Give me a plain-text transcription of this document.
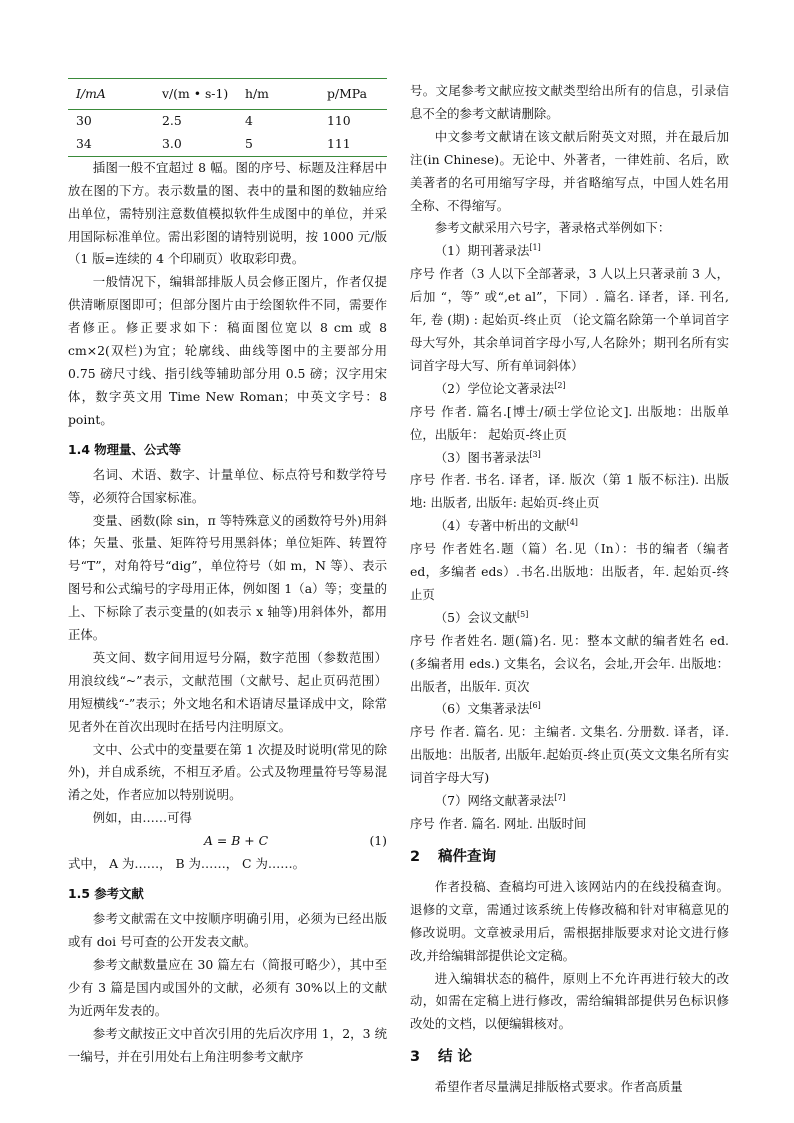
I/mA	v/(m • s-1)	h/m	p/MPa
30	2.5	4	110
34	3.0	5	111

插图一般不宜超过 8 幅。图的序号、标题及注释居中放在图的下方。表示数量的图、表中的量和图的数轴应给出单位，需特别注意数值模拟软件生成图中的单位，并采用国际标准单位。需出彩图的请特别说明，按 1000 元/版（1 版=连续的 4 个印刷页）收取彩印费。

一般情况下，编辑部排版人员会修正图片，作者仅提供清晰原图即可；但部分图片由于绘图软件不同，需要作者修正。修正要求如下：稿面图位宽以 8 cm 或 8 cm×2(双栏)为宜；轮廓线、曲线等图中的主要部分用 0.75 磅尺寸线、指引线等辅助部分用 0.5 磅；汉字用宋体，数字英文用 Time New Roman；中英文字号：8 point。

1.4 物理量、公式等

名词、术语、数字、计量单位、标点符号和数学符号等，必须符合国家标准。

变量、函数(除 sin，π 等特殊意义的函数符号外)用斜体；矢量、张量、矩阵符号用黑斜体；单位矩阵、转置符号“T”，对角符号“dig”，单位符号（如 m，N 等）、表示图号和公式编号的字母用正体，例如图 1（a）等；变量的上、下标除了表示变量的(如表示 x 轴等)用斜体外，都用正体。

英文间、数字间用逗号分隔，数字范围（参数范围）用浪纹线“~”表示，文献范围（文献号、起止页码范围）用短横线“-”表示；外文地名和术语请尽量译成中文，除常见者外在首次出现时在括号内注明原文。

文中、公式中的变量要在第 1 次提及时说明(常见的除外)，并自成系统，不相互矛盾。公式及物理量符号等易混淆之处，作者应加以特别说明。

例如，由……可得

A = B + C	(1)

式中， A 为……， B 为……， C 为……。

1.5 参考文献

参考文献需在文中按顺序明确引用，必须为已经出版或有 doi 号可查的公开发表文献。

参考文献数量应在 30 篇左右（简报可略少），其中至少有 3 篇是国内或国外的文献，必须有 30%以上的文献为近两年发表的。

参考文献按正文中首次引用的先后次序用 1，2，3 统一编号，并在引用处右上角注明参考文献序

号。文尾参考文献应按文献类型给出所有的信息，引录信息不全的参考文献请删除。

中文参考文献请在该文献后附英文对照，并在最后加注(in Chinese)。无论中、外著者，一律姓前、名后，欧美著者的名可用缩写字母，并省略缩写点，中国人姓名用全称、不得缩写。

参考文献采用六号字，著录格式举例如下：

（1）期刊著录法[1]

序号 作者（3 人以下全部著录，3 人以上只著录前 3 人，后加 “，等” 或“,et al”，下同）. 篇名. 译者，译. 刊名, 年, 卷 (期) : 起始页-终止页 （论文篇名除第一个单词首字母大写外，其余单词首字母小写,人名除外；期刊名所有实词首字母大写、所有单词斜体）

（2）学位论文著录法[2]

序号 作者. 篇名.[博士/硕士学位论文]. 出版地：出版单位，出版年： 起始页-终止页

（3）图书著录法[3]

序号 作者. 书名. 译者，译. 版次（第 1 版不标注). 出版地: 出版者, 出版年: 起始页-终止页

（4）专著中析出的文献[4]

序号 作者姓名.题（篇）名.见（In）：书的编者（编者 ed，多编者 eds）.书名.出版地：出版者，年. 起始页-终止页

（5）会议文献[5]

序号 作者姓名. 题(篇)名. 见：整本文献的编者姓名 ed. (多编者用 eds.) 文集名，会议名，会址,开会年. 出版地：出版者，出版年. 页次

（6）文集著录法[6]

序号 作者. 篇名. 见：主编者. 文集名. 分册数. 译者，译. 出版地：出版者, 出版年.起始页-终止页(英文文集名所有实词首字母大写)

（7）网络文献著录法[7]

序号 作者. 篇名. 网址. 出版时间

2 稿件查询

作者投稿、查稿均可进入该网站内的在线投稿查询。退修的文章，需通过该系统上传修改稿和针对审稿意见的修改说明。文章被录用后，需根据排版要求对论文进行修改,并给编辑部提供论文定稿。

进入编辑状态的稿件，原则上不允许再进行较大的改动，如需在定稿上进行修改，需给编辑部提供另色标识修改处的文档，以便编辑核对。

3 结 论

希望作者尽量满足排版格式要求。作者高质量
